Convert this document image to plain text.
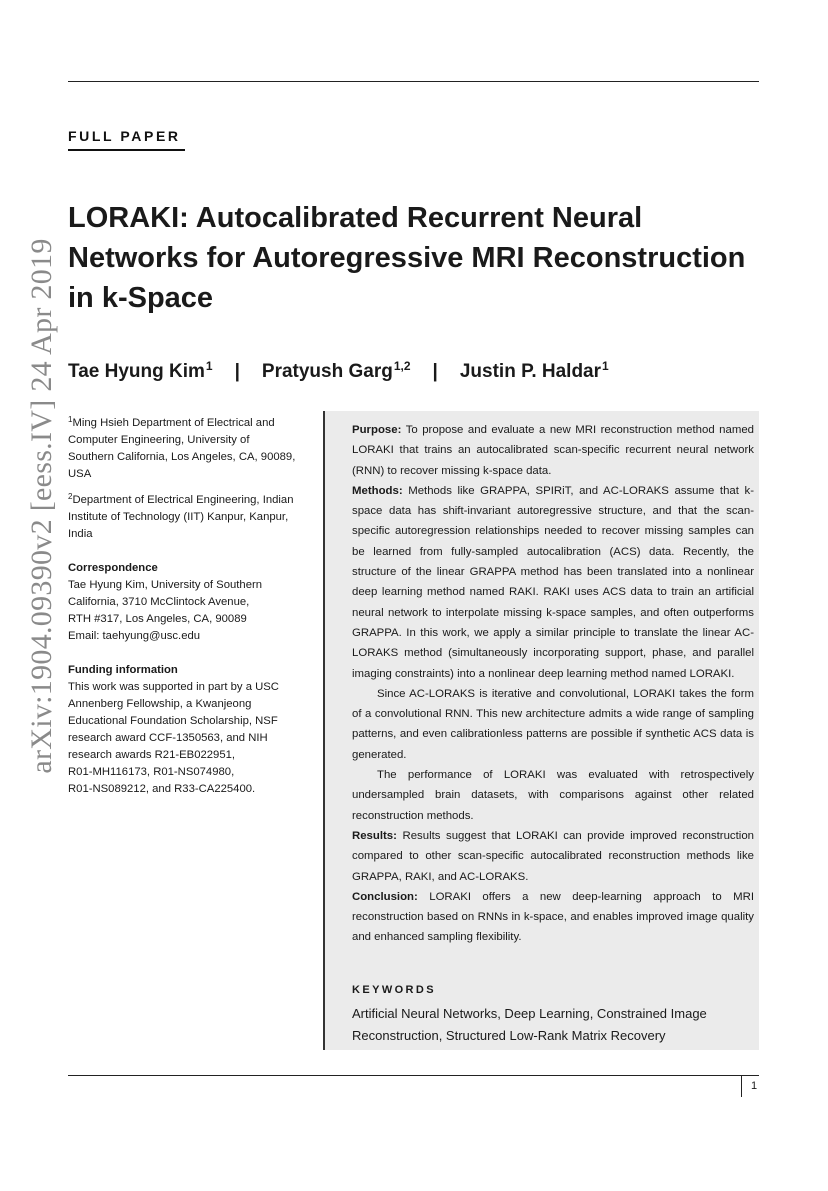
FULL PAPER
arXiv:1904.09390v2 [eess.IV] 24 Apr 2019
LORAKI: Autocalibrated Recurrent Neural Networks for Autoregressive MRI Reconstruction in k-Space
Tae Hyung Kim$^1$ | Pratyush Garg$^{1,2}$ | Justin P. Haldar$^1$
$^1$Ming Hsieh Department of Electrical and Computer Engineering, University of Southern California, Los Angeles, CA, 90089, USA
$^2$Department of Electrical Engineering, Indian Institute of Technology (IIT) Kanpur, Kanpur, India
Correspondence
Tae Hyung Kim, University of Southern
California, 3710 McClintock Avenue,
RTH #317, Los Angeles, CA, 90089
Email: taehyung@usc.edu
Funding information
This work was supported in part by a USC
Annenberg Fellowship, a Kwanjeong
Educational Foundation Scholarship, NSF
research award CCF-1350563, and NIH
research awards R21-EB022951,
R01-MH116173, R01-NS074980,
R01-NS089212, and R33-CA225400.

Purpose: To propose and evaluate a new MRI reconstruction method named LORAKI that trains an autocalibrated scan-specific recurrent neural network (RNN) to recover missing k-space data.

Methods: Methods like GRAPPA, SPIRiT, and AC-LORAKS assume that k-space data has shift-invariant autoregressive structure, and that the scan-specific autoregression relationships needed to recover missing samples can be learned from fully-sampled autocalibration (ACS) data. Recently, the structure of the linear GRAPPA method has been translated into a nonlinear deep learning method named RAKI. RAKI uses ACS data to train an artificial neural network to interpolate missing k-space samples, and often outperforms GRAPPA. In this work, we apply a similar principle to translate the linear AC-LORAKS method (simultaneously incorporating support, phase, and parallel imaging constraints) into a nonlinear deep learning method named LORAKI.

Since AC-LORAKS is iterative and convolutional, LORAKI takes the form of a convolutional RNN. This new architecture admits a wide range of sampling patterns, and even calibrationless patterns are possible if synthetic ACS data is generated.

The performance of LORAKI was evaluated with retrospectively undersampled brain datasets, with comparisons against other related reconstruction methods.

Results: Results suggest that LORAKI can provide improved reconstruction compared to other scan-specific autocalibrated reconstruction methods like GRAPPA, RAKI, and AC-LORAKS.

Conclusion: LORAKI offers a new deep-learning approach to MRI reconstruction based on RNNs in k-space, and enables improved image quality and enhanced sampling flexibility.

KEYWORDS
Artificial Neural Networks, Deep Learning, Constrained Image Reconstruction, Structured Low-Rank Matrix Recovery
1
